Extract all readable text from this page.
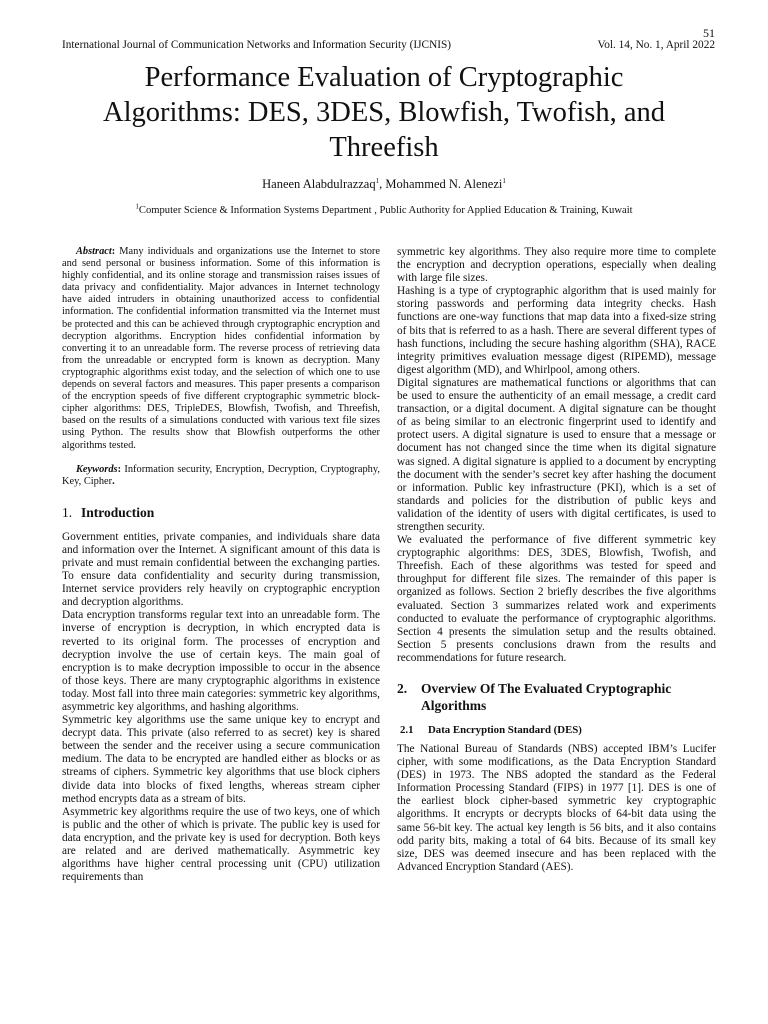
51
International Journal of Communication Networks and Information Security (IJCNIS)	Vol. 14, No. 1, April 2022
Performance Evaluation of Cryptographic
Algorithms: DES, 3DES, Blowfish, Twofish, and
Threefish
Haneen Alabdulrazzaq$^1$, Mohammed N. Alenezi$^1$
$^1$Computer Science & Information Systems Department , Public Authority for Applied Education & Training, Kuwait

Abstract: Many individuals and organizations use the Internet to store and send personal or business information. Some of this information is highly confidential, and its online storage and transmission raises issues of data privacy and confidentiality. Major advances in Internet technology have aided intruders in obtaining unauthorized access to confidential information. The confidential information transmitted via the Internet must be protected and this can be achieved through cryptographic encryption and decryption algorithms. Encryption hides confidential information by converting it to an unreadable form. The reverse process of retrieving data from the unreadable or encrypted form is known as decryption. Many cryptographic algorithms exist today, and the selection of which one to use depends on several factors and measures. This paper presents a comparison of the encryption speeds of five different cryptographic symmetric block-cipher algorithms: DES, TripleDES, Blowfish, Twofish, and Threefish, based on the results of a simulations conducted with various text file sizes using Python. The results show that Blowfish outperforms the other algorithms tested.

Keywords: Information security, Encryption, Decryption, Cryptography, Key, Cipher.

1. Introduction

Government entities, private companies, and individuals share data and information over the Internet. A significant amount of this data is private and must remain confidential between the exchanging parties. To ensure data confidentiality and security during transmission, Internet service providers rely heavily on cryptographic encryption and decryption algorithms.

Data encryption transforms regular text into an unreadable form. The inverse of encryption is decryption, in which encrypted data is reverted to its original form. The processes of encryption and decryption involve the use of certain keys. The main goal of encryption is to make decryption impossible to occur in the absence of those keys. There are many cryptographic algorithms in existence today. Most fall into three main categories: symmetric key algorithms, asymmetric key algorithms, and hashing algorithms.

Symmetric key algorithms use the same unique key to encrypt and decrypt data. This private (also referred to as secret) key is shared between the sender and the receiver using a secure communication medium. The data to be encrypted are handled either as blocks or as streams of ciphers. Symmetric key algorithms that use block ciphers divide data into blocks of fixed lengths, whereas stream cipher method encrypts data as a stream of bits.

Asymmetric key algorithms require the use of two keys, one of which is public and the other of which is private. The public key is used for data encryption, and the private key is used for decryption. Both keys are related and are derived mathematically. Asymmetric key algorithms have higher central processing unit (CPU) utilization requirements than

symmetric key algorithms. They also require more time to complete the encryption and decryption operations, especially when dealing with large file sizes.

Hashing is a type of cryptographic algorithm that is used mainly for storing passwords and performing data integrity checks. Hash functions are one-way functions that map data into a fixed-size string of bits that is referred to as a hash. There are several different types of hash functions, including the secure hashing algorithm (SHA), RACE integrity primitives evaluation message digest (RIPEMD), message digest algorithm (MD), and Whirlpool, among others.

Digital signatures are mathematical functions or algorithms that can be used to ensure the authenticity of an email message, a credit card transaction, or a digital document. A digital signature can be thought of as being similar to an electronic fingerprint used to identify and protect users. A digital signature is used to ensure that a message or document has not changed since the time when its digital signature was signed. A digital signature is applied to a document by encrypting the document with the sender’s secret key after hashing the document or information. Public key infrastructure (PKI), which is a set of standards and policies for the distribution of public keys and validation of the identity of users with digital certificates, is used to strengthen security.

We evaluated the performance of five different symmetric key cryptographic algorithms: DES, 3DES, Blowfish, Twofish, and Threefish. Each of these algorithms was tested for speed and throughput for different file sizes. The remainder of this paper is organized as follows. Section 2 briefly describes the five algorithms evaluated. Section 3 summarizes related work and experiments conducted to evaluate the performance of cryptographic algorithms. Section 4 presents the simulation setup and the results obtained. Section 5 presents conclusions drawn from the results and recommendations for future research.

2.	Overview Of The Evaluated Cryptographic Algorithms
2.1 Data Encryption Standard (DES)

The National Bureau of Standards (NBS) accepted IBM’s Lucifer cipher, with some modifications, as the Data Encryption Standard (DES) in 1973. The NBS adopted the standard as the Federal Information Processing Standard (FIPS) in 1977 [1]. DES is one of the earliest block cipher-based symmetric key cryptographic algorithms. It encrypts or decrypts blocks of 64-bit data using the same 56-bit key. The actual key length is 56 bits, and it also contains odd parity bits, making a total of 64 bits. Because of its small key size, DES was deemed insecure and has been replaced with the Advanced Encryption Standard (AES).
